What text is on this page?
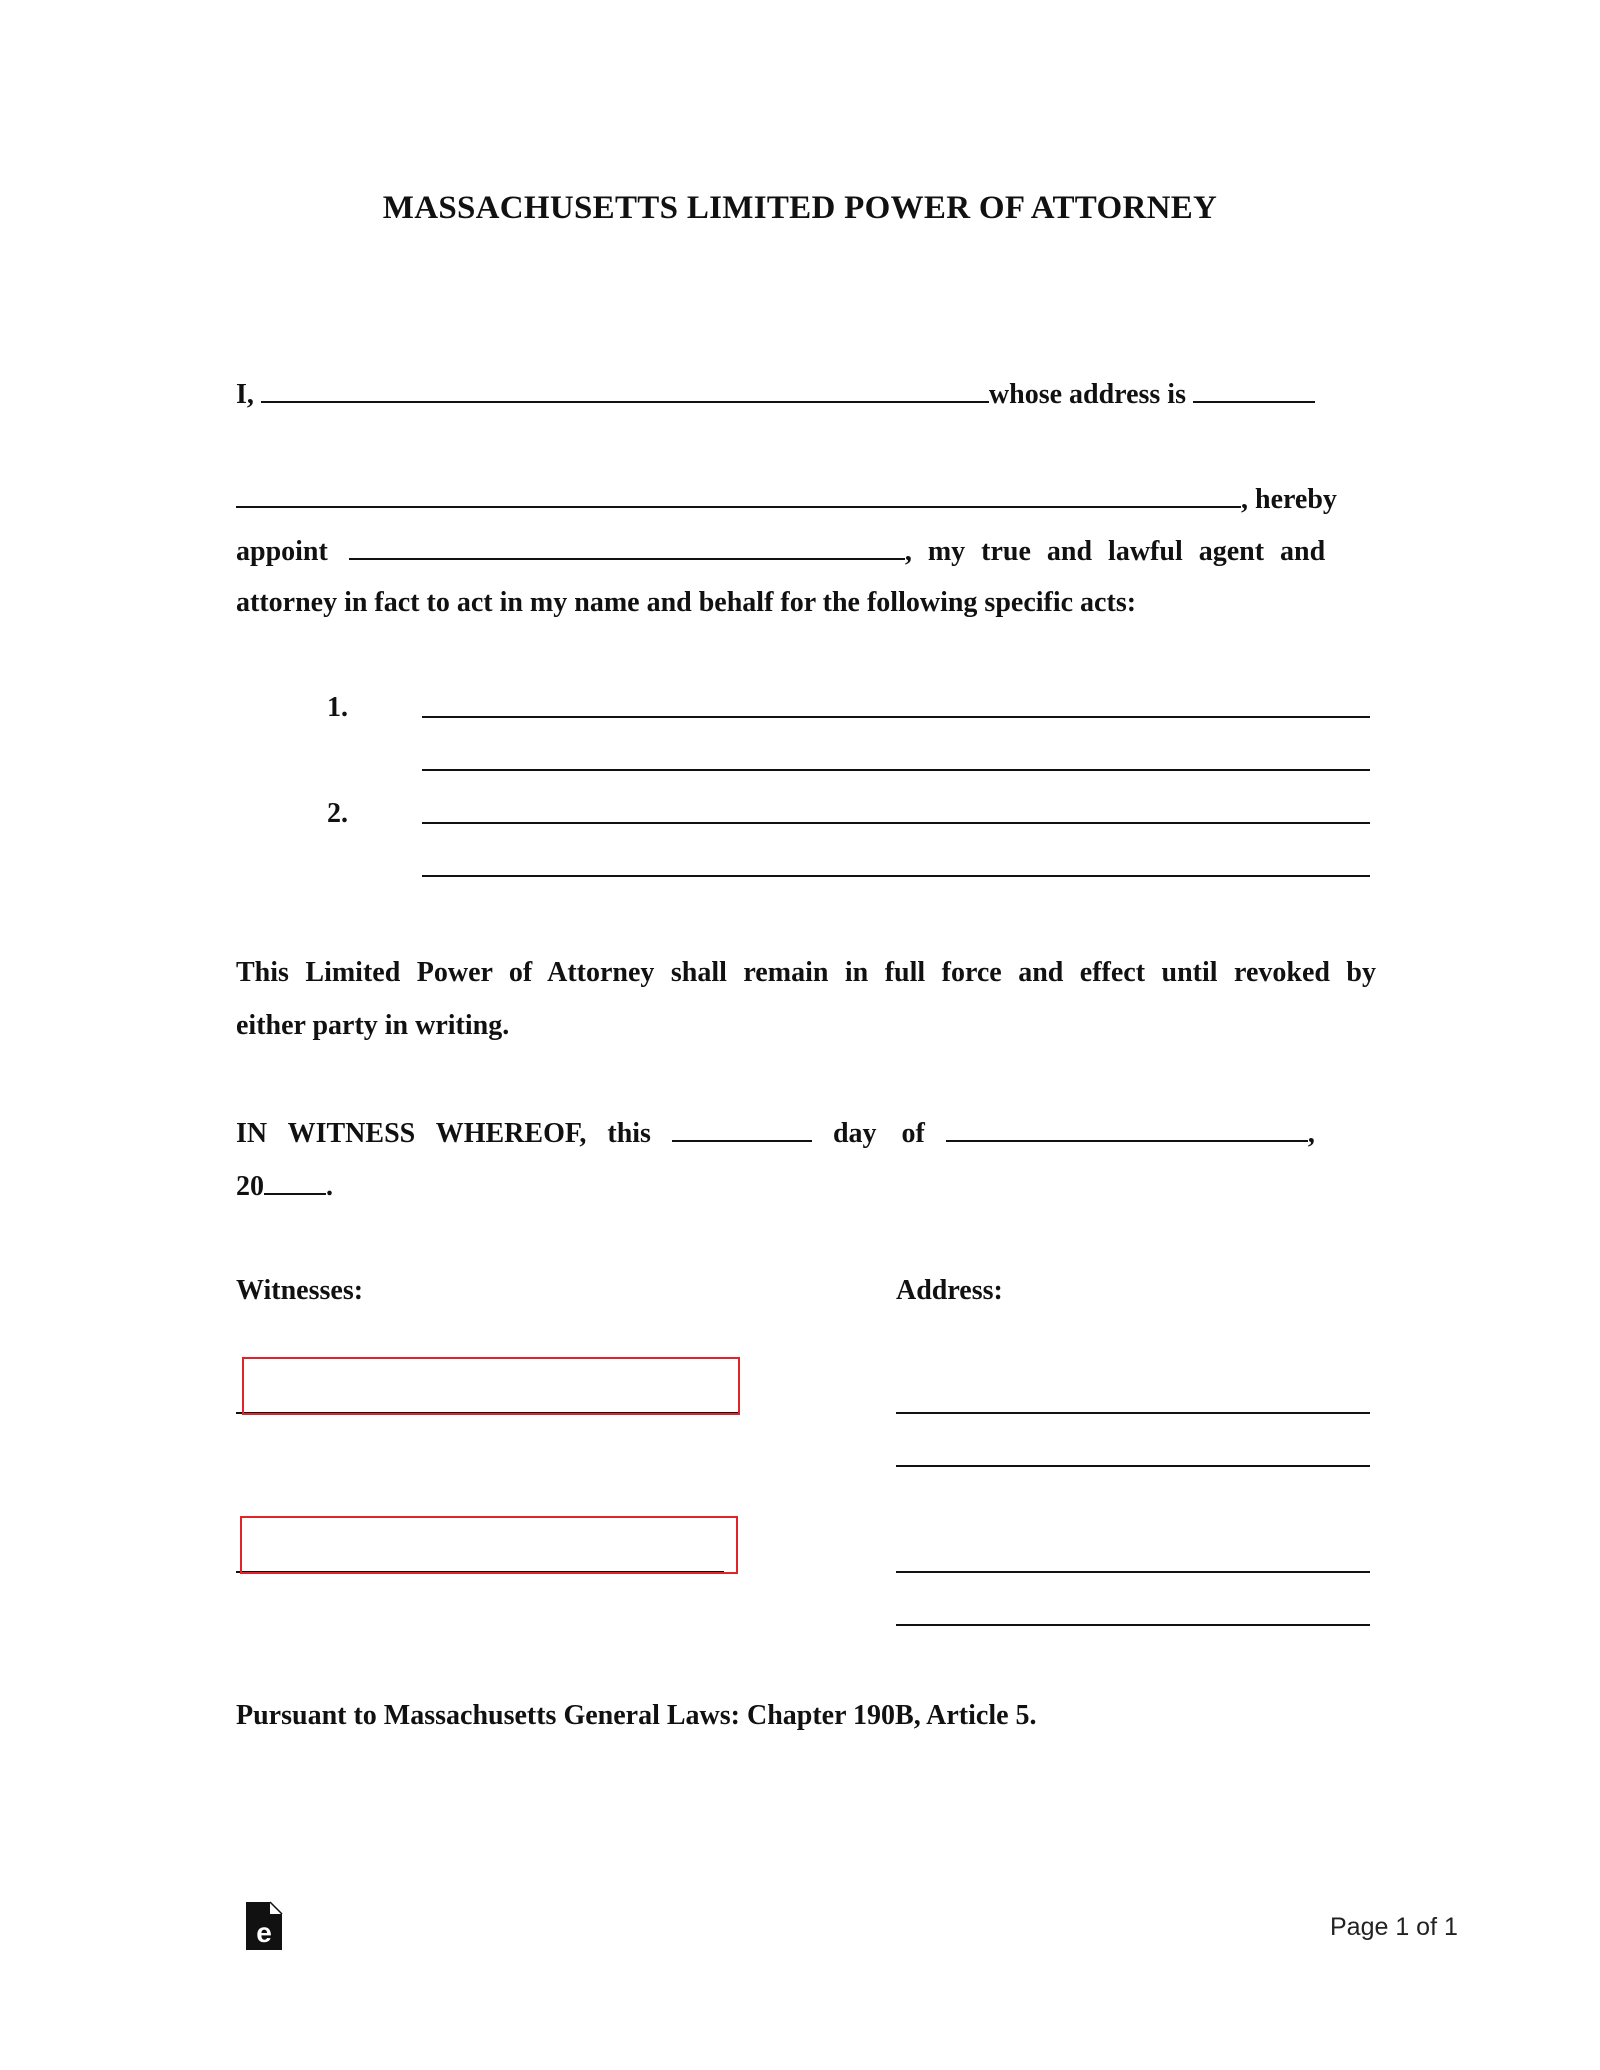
MASSACHUSETTS LIMITED POWER OF ATTORNEY
I,	whose address is
, hereby
appoint	, my true and lawful agent and
attorney in fact to act in my name and behalf for the following specific acts:
1.
2.
This Limited Power of Attorney shall remain in full force and effect until revoked by
either party in writing.
IN WITNESS WHEREOF, this	day of	,
20 .
Witnesses:	Address:
Pursuant to Massachusetts General Laws: Chapter 190B, Article 5.
e	Page 1 of 1
